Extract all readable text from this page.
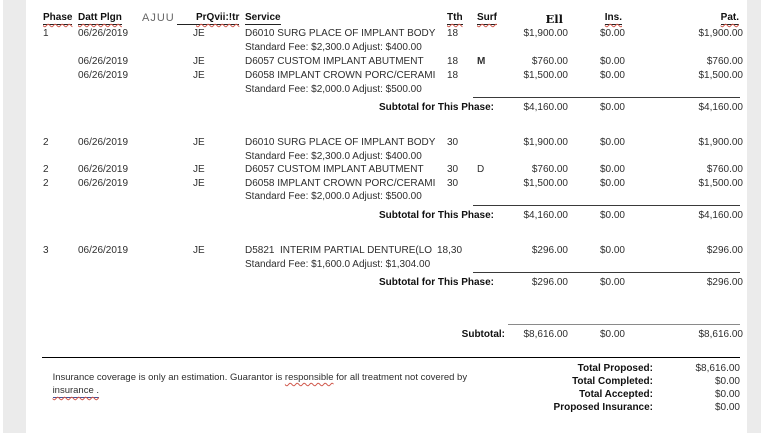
Phase Datt Plgn AJUU	PrQvii:!tr Service	Tth Surf	Ell	Ins.	Pat.
1	06/26/2019	JE	D6010 SURG PLACE OF IMPLANT BODY 18	$1,900.00	$0.00	$1,900.00
Standard Fee: $2,300.0 Adjust: $400.00
06/26/2019	JE	D6057 CUSTOM IMPLANT ABUTMENT 18 M	$760.00	$0.00	$760.00
06/26/2019	JE	D6058 IMPLANT CROWN PORC/CERAMI 18	$1,500.00	$0.00	$1,500.00
Standard Fee: $2,000.0 Adjust: $500.00
Subtotal for This Phase:	$4,160.00	$0.00	$4,160.00
2	06/26/2019	JE	D6010 SURG PLACE OF IMPLANT BODY 30	$1,900.00	$0.00	$1,900.00
Standard Fee: $2,300.0 Adjust: $400.00
2	06/26/2019	JE	D6057 CUSTOM IMPLANT ABUTMENT 30 D	$760.00	$0.00	$760.00
2	06/26/2019	JE	D6058 IMPLANT CROWN PORC/CERAMI 30	$1,500.00	$0.00	$1,500.00
Standard Fee: $2,000.0 Adjust: $500.00
Subtotal for This Phase:	$4,160.00	$0.00	$4,160.00
3	06/26/2019	JE	D5821  INTERIM PARTIAL DENTURE(LO 18,30	$296.00	$0.00	$296.00
Standard Fee: $1,600.0 Adjust: $1,304.00
Subtotal for This Phase:	$296.00	$0.00	$296.00
Subtotal: $8,616.00	$0.00	$8,616.00

Insurance coverage is only an estimation. Guarantor is responsible for all treatment not covered by

insurance .

Total Proposed:	$8,616.00
Total Completed:	$0.00
Total Accepted:	$0.00
Proposed Insurance:	$0.00
